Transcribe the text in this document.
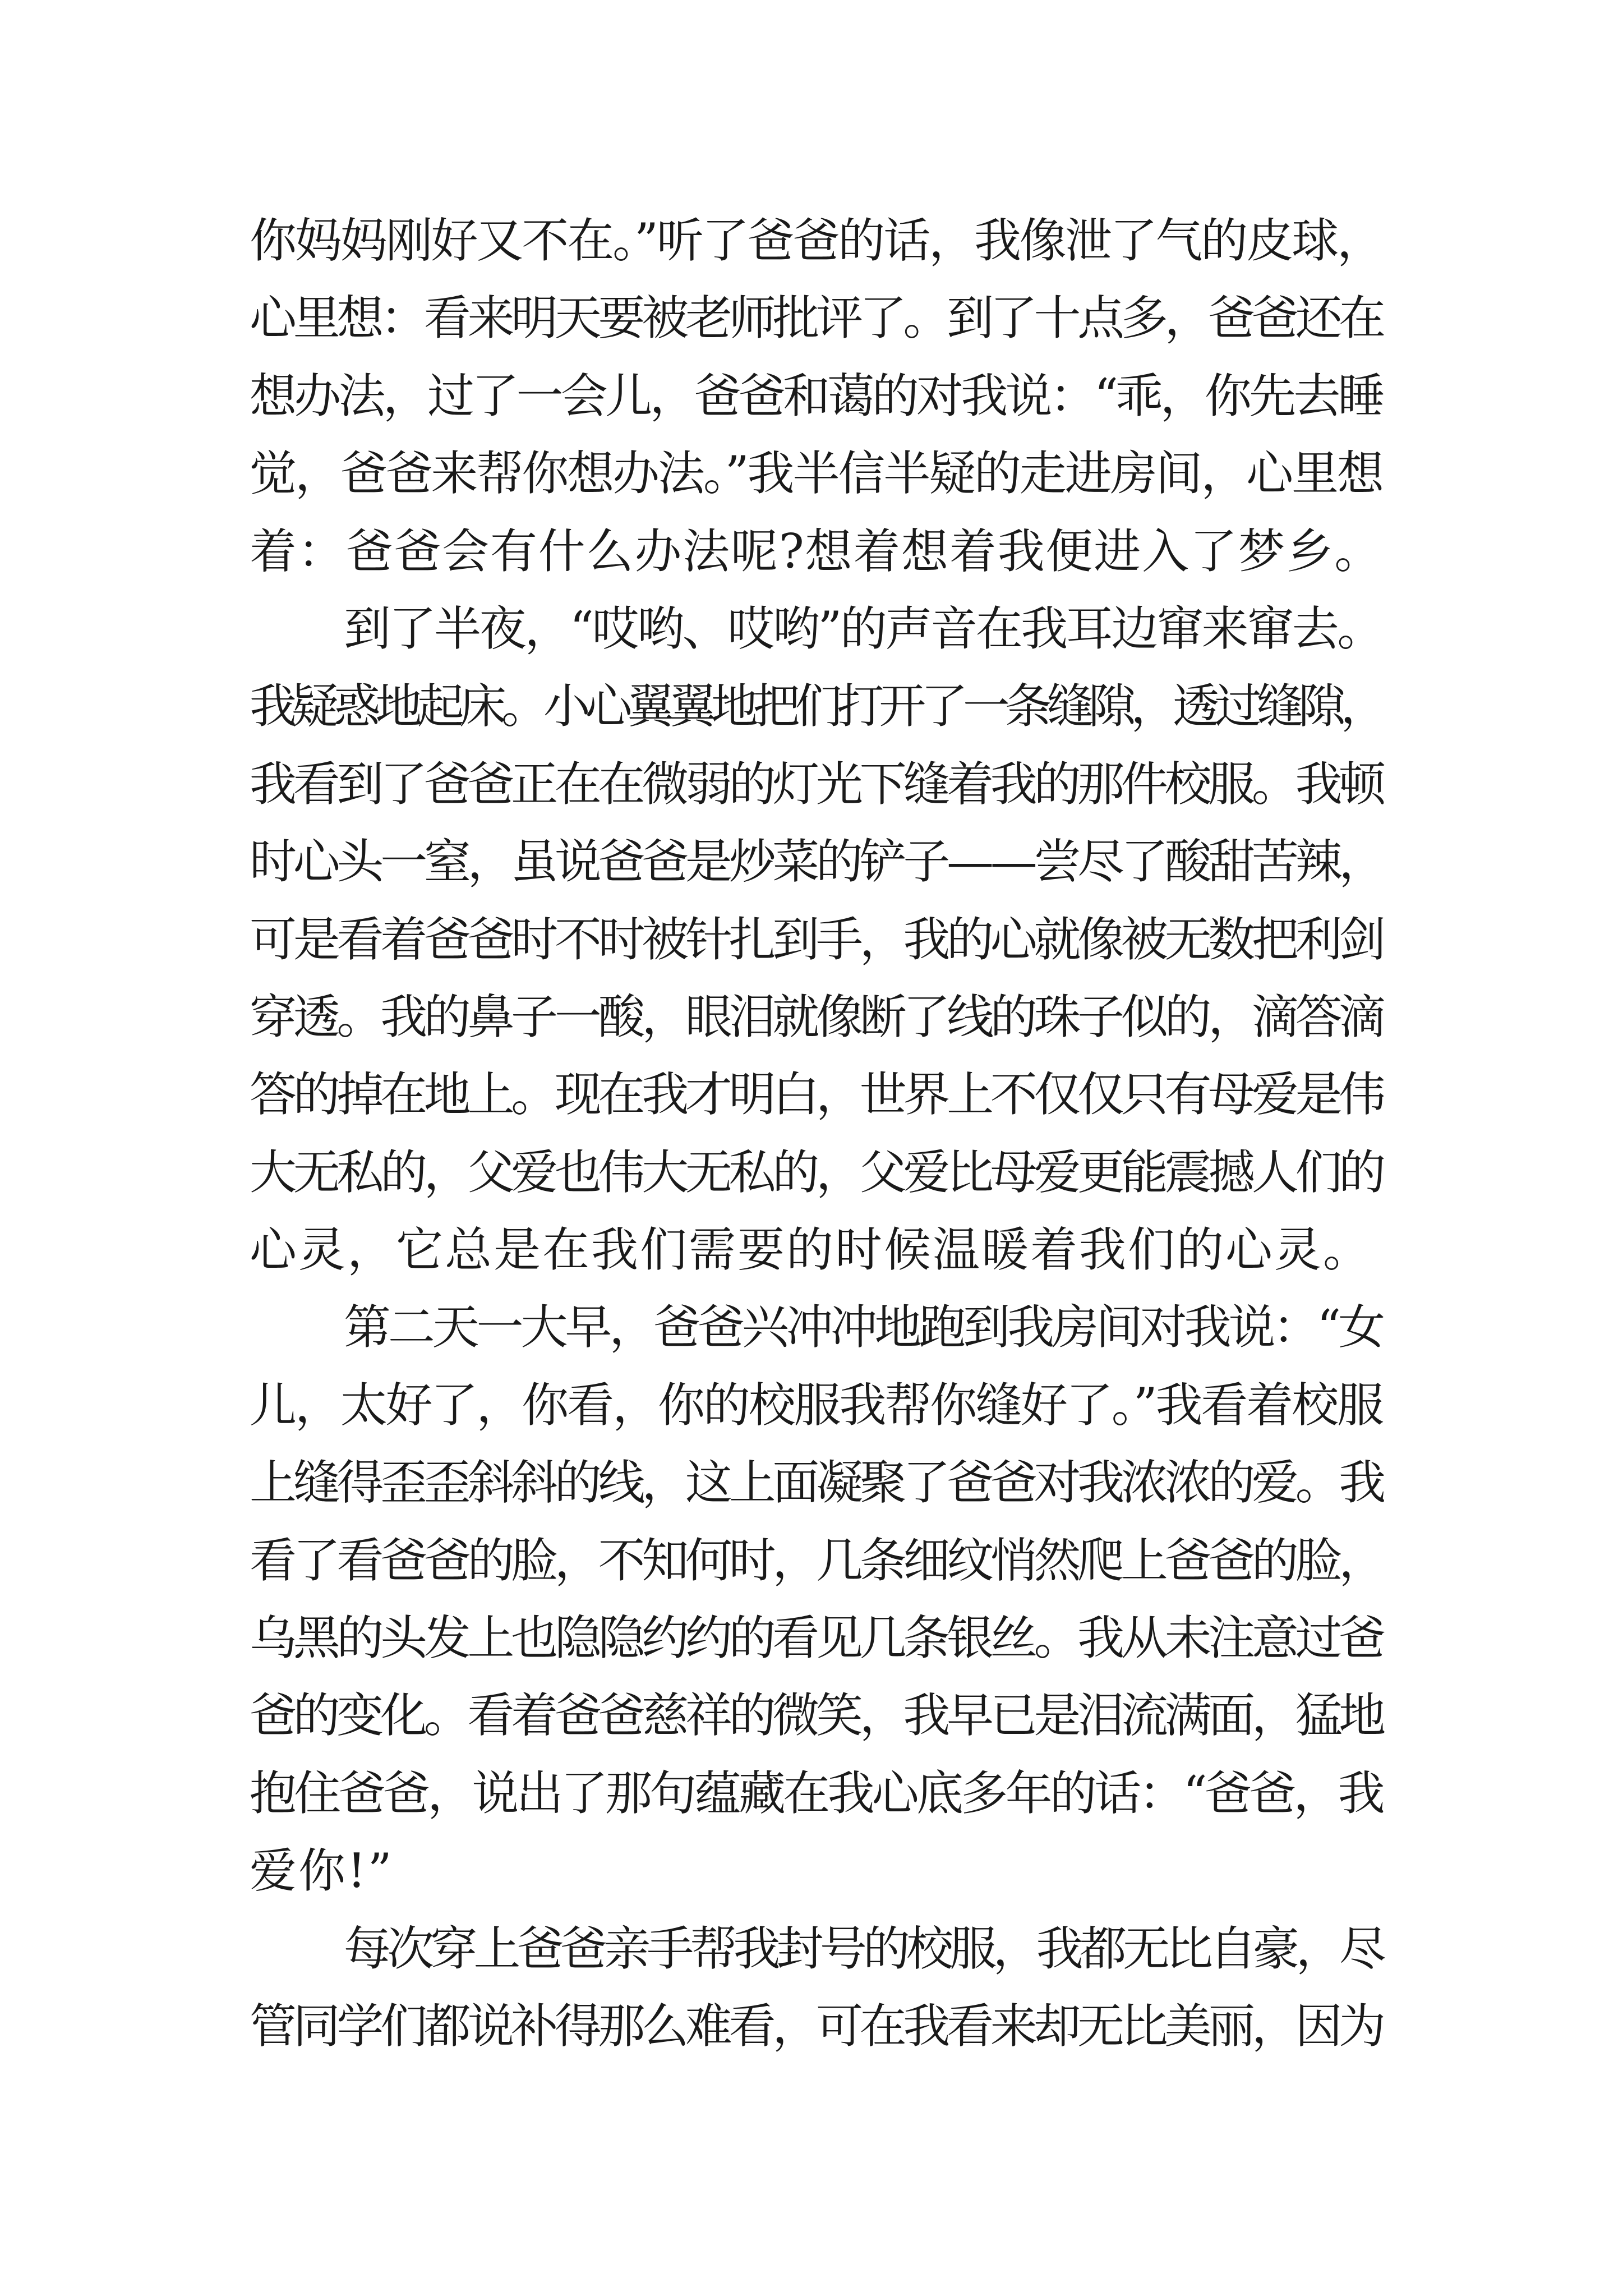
你妈妈刚好又不在。”听了爸爸的话，我像泄了气的皮球，
心里想：看来明天要被老师批评了。到了十点多，爸爸还在
想办法，过了一会儿，爸爸和蔼的对我说：“乖，你先去睡
觉，爸爸来帮你想办法。”我半信半疑的走进房间，心里想
着：爸爸会有什么办法呢?想着想着我便进入了梦乡。
到了半夜，“哎哟、哎哟”的声音在我耳边窜来窜去。
我疑惑地起床。小心翼翼地把们打开了一条缝隙，透过缝隙，
我看到了爸爸正在在微弱的灯光下缝着我的那件校服。我顿
时心头一窒，虽说爸爸是炒菜的铲子——尝尽了酸甜苦辣，
可是看着爸爸时不时被针扎到手，我的心就像被无数把利剑
穿透。我的鼻子一酸，眼泪就像断了线的珠子似的，滴答滴
答的掉在地上。现在我才明白，世界上不仅仅只有母爱是伟
大无私的，父爱也伟大无私的，父爱比母爱更能震撼人们的
心灵，它总是在我们需要的时候温暖着我们的心灵。
第二天一大早，爸爸兴冲冲地跑到我房间对我说：“女
儿，太好了，你看，你的校服我帮你缝好了。”我看着校服
上缝得歪歪斜斜的线，这上面凝聚了爸爸对我浓浓的爱。我
看了看爸爸的脸，不知何时，几条细纹悄然爬上爸爸的脸，
乌黑的头发上也隐隐约约的看见几条银丝。我从未注意过爸
爸的变化。看着爸爸慈祥的微笑，我早已是泪流满面，猛地
抱住爸爸，说出了那句蕴藏在我心底多年的话：“爸爸，我
爱你!”
每次穿上爸爸亲手帮我封号的校服，我都无比自豪，尽
管同学们都说补得那么难看，可在我看来却无比美丽，因为
